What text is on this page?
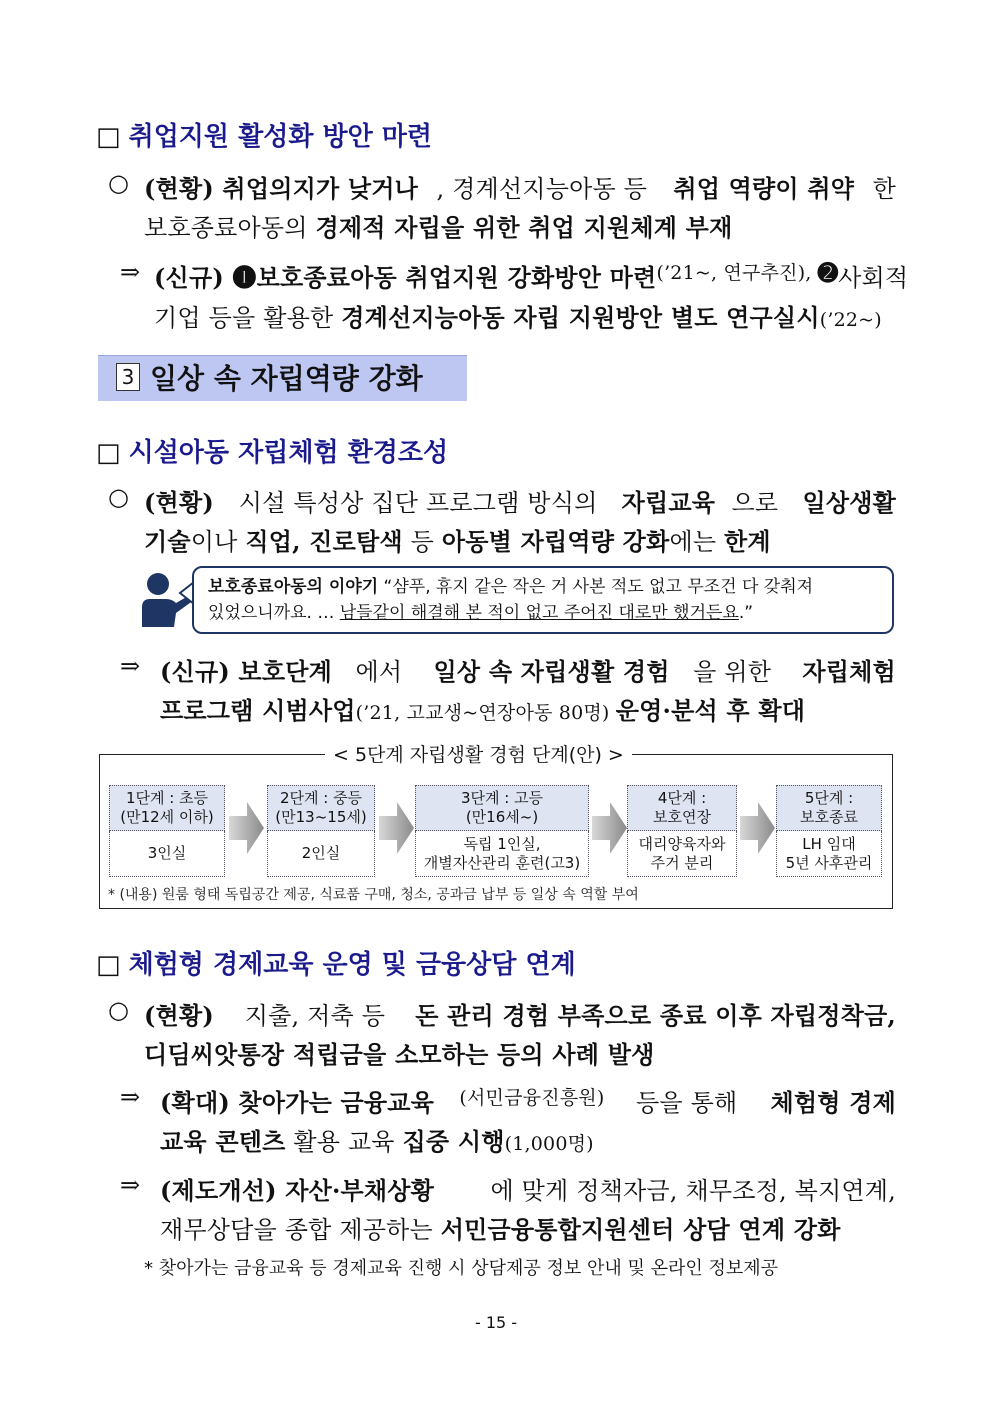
□ 취업지원 활성화 방안 마련
○ (현황) 취업의지가 낮거나 , 경계선지능아동 등 취업 역량이 취약 한
보호종료아동의 경제적 자립을 위한 취업 지원체계 부재
⇒ (신규) ➊보호종료아동 취업지원 강화방안 마련 (’21~, 연구추진), ➋ 사회적
기업 등을 활용한 경계선지능아동 자립 지원방안 별도 연구실시(’22~)
3 일상 속 자립역량 강화
□ 시설아동 자립체험 환경조성
○ (현황) 시설 특성상 집단 프로그램 방식의 자립교육 으로 일상생활
기술이나 직업, 진로탐색 등 아동별 자립역량 강화에는 한계
보호종료아동의 이야기 “샴푸, 휴지 같은 작은 거 사본 적도 없고 무조건 다 갖춰져
있었으니까요. … 남들같이 해결해 본 적이 없고 주어진 대로만 했거든요.”
⇒ (신규) 보호단계 에서 일상 속 자립생활 경험 을 위한 자립체험
프로그램 시범사업(’21, 고교생~연장아동 80명) 운영·분석 후 확대
< 5단계 자립생활 경험 단계(안) >
1단계 : 초등
(만12세 이하)
3인실
2단계 : 중등
(만13~15세)
2인실
3단계 : 고등
(만16세~)
독립 1인실,
개별자산관리 훈련(고3)
4단계 :
보호연장
대리양육자와
주거 분리
5단계 :
보호종료
LH 임대
5년 사후관리
* (내용) 원룸 형태 독립공간 제공, 식료품 구매, 청소, 공과금 납부 등 일상 속 역할 부여
□ 체험형 경제교육 운영 및 금융상담 연계
○ (현황) 지출, 저축 등 돈 관리 경험 부족으로 종료 이후 자립정착금,
디딤씨앗통장 적립금을 소모하는 등의 사례 발생
⇒ (확대) 찾아가는 금융교육 (서민금융진흥원) 등을 통해 체험형 경제
교육 콘텐츠 활용 교육 집중 시행(1,000명)
⇒ (제도개선) 자산·부채상황 에 맞게 정책자금, 채무조정, 복지연계,
재무상담을 종합 제공하는 서민금융통합지원센터 상담 연계 강화
* 찾아가는 금융교육 등 경제교육 진행 시 상담제공 정보 안내 및 온라인 정보제공
- 15 -
